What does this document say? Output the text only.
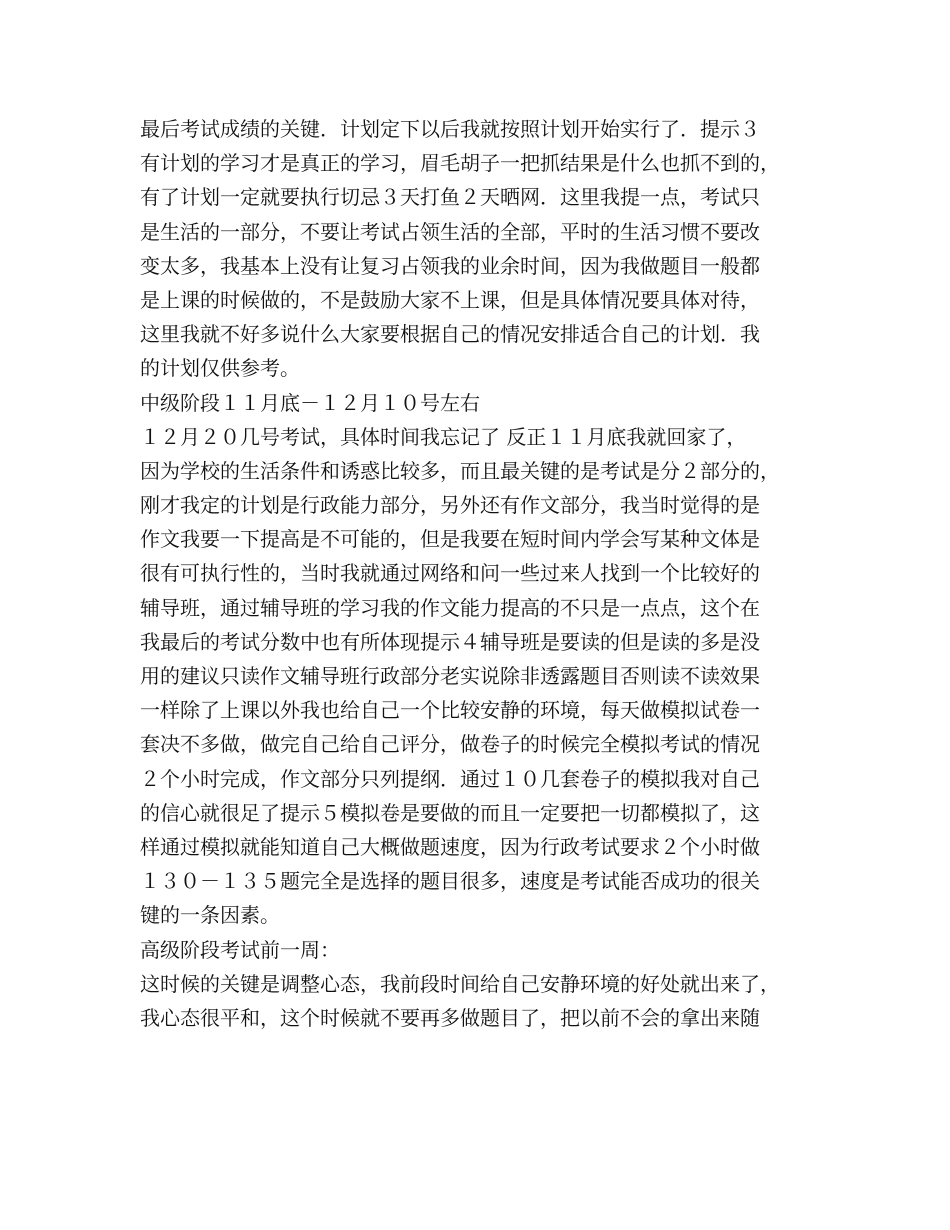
最后考试成绩的关键．计划定下以后我就按照计划开始实行了．提示３
有计划的学习才是真正的学习，眉毛胡子一把抓结果是什么也抓不到的，
有了计划一定就要执行切忌３天打鱼２天晒网．这里我提一点，考试只
是生活的一部分，不要让考试占领生活的全部，平时的生活习惯不要改
变太多，我基本上没有让复习占领我的业余时间，因为我做题目一般都
是上课的时候做的，不是鼓励大家不上课，但是具体情况要具体对待，
这里我就不好多说什么大家要根据自己的情况安排适合自己的计划．我
的计划仅供参考。
中级阶段１１月底－１２月１０号左右
１２月２０几号考试，具体时间我忘记了 反正１１月底我就回家了，
因为学校的生活条件和诱惑比较多，而且最关键的是考试是分２部分的，
刚才我定的计划是行政能力部分，另外还有作文部分，我当时觉得的是
作文我要一下提高是不可能的，但是我要在短时间内学会写某种文体是
很有可执行性的，当时我就通过网络和问一些过来人找到一个比较好的
辅导班，通过辅导班的学习我的作文能力提高的不只是一点点，这个在
我最后的考试分数中也有所体现提示４辅导班是要读的但是读的多是没
用的建议只读作文辅导班行政部分老实说除非透露题目否则读不读效果
一样除了上课以外我也给自己一个比较安静的环境，每天做模拟试卷一
套决不多做，做完自己给自己评分，做卷子的时候完全模拟考试的情况
２个小时完成，作文部分只列提纲．通过１０几套卷子的模拟我对自己
的信心就很足了提示５模拟卷是要做的而且一定要把一切都模拟了，这
样通过模拟就能知道自己大概做题速度，因为行政考试要求２个小时做
１３０－１３５题完全是选择的题目很多，速度是考试能否成功的很关
键的一条因素。
高级阶段考试前一周：
这时候的关键是调整心态，我前段时间给自己安静环境的好处就出来了，
我心态很平和，这个时候就不要再多做题目了，把以前不会的拿出来随
